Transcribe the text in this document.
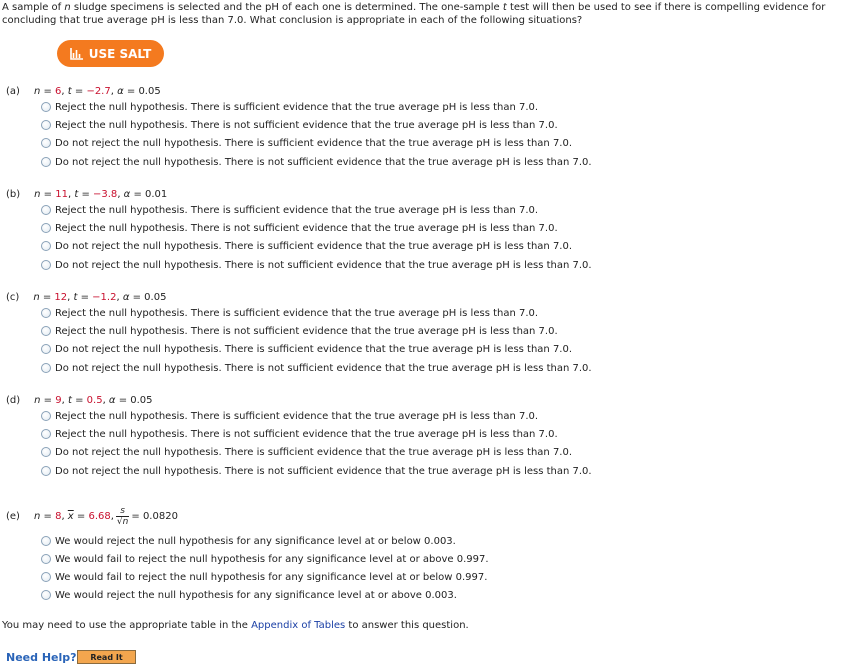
A sample of n sludge specimens is selected and the pH of each one is determined. The one-sample t test will then be used to see if there is compelling evidence for concluding that true average pH is less than 7.0. What conclusion is appropriate in each of the following situations?
USE SALT
(a) n = 6, t = −2.7, α = 0.05
Reject the null hypothesis. There is sufficient evidence that the true average pH is less than 7.0.
Reject the null hypothesis. There is not sufficient evidence that the true average pH is less than 7.0.
Do not reject the null hypothesis. There is sufficient evidence that the true average pH is less than 7.0.
Do not reject the null hypothesis. There is not sufficient evidence that the true average pH is less than 7.0.
(b) n = 11, t = −3.8, α = 0.01
Reject the null hypothesis. There is sufficient evidence that the true average pH is less than 7.0.
Reject the null hypothesis. There is not sufficient evidence that the true average pH is less than 7.0.
Do not reject the null hypothesis. There is sufficient evidence that the true average pH is less than 7.0.
Do not reject the null hypothesis. There is not sufficient evidence that the true average pH is less than 7.0.
(c) n = 12, t = −1.2, α = 0.05
Reject the null hypothesis. There is sufficient evidence that the true average pH is less than 7.0.
Reject the null hypothesis. There is not sufficient evidence that the true average pH is less than 7.0.
Do not reject the null hypothesis. There is sufficient evidence that the true average pH is less than 7.0.
Do not reject the null hypothesis. There is not sufficient evidence that the true average pH is less than 7.0.
(d) n = 9, t = 0.5, α = 0.05
Reject the null hypothesis. There is sufficient evidence that the true average pH is less than 7.0.
Reject the null hypothesis. There is not sufficient evidence that the true average pH is less than 7.0.
Do not reject the null hypothesis. There is sufficient evidence that the true average pH is less than 7.0.
Do not reject the null hypothesis. There is not sufficient evidence that the true average pH is less than 7.0.
(e) n = 8, $\overline{x} = 6.68$, $\frac{s}{√n} = 0.0820$
We would reject the null hypothesis for any significance level at or below 0.003.
We would fail to reject the null hypothesis for any significance level at or above 0.997.
We would fail to reject the null hypothesis for any significance level at or below 0.997.
We would reject the null hypothesis for any significance level at or above 0.003.
You may need to use the appropriate table in the Appendix of Tables to answer this question.
Need Help?	Read It
